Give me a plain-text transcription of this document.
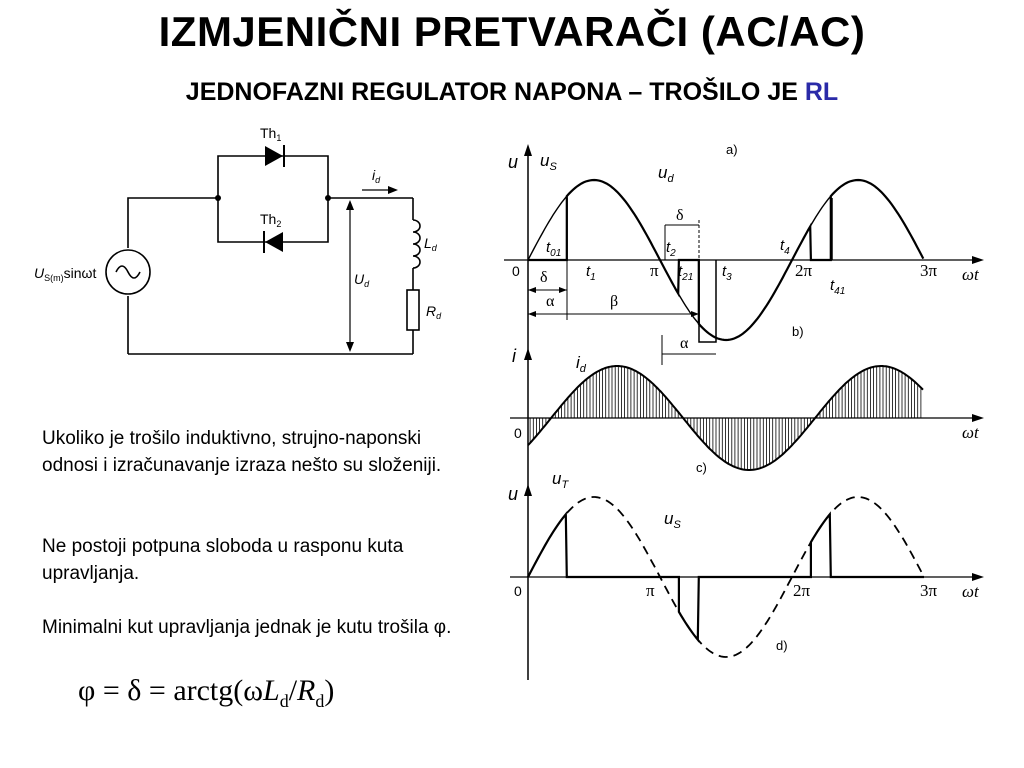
IZMJENIČNI PRETVARAČI (AC/AC)
JEDNOFAZNI REGULATOR NAPONA – TROŠILO JE RL
$Th_1$
$Th_2$
$U_{S(m)}\sin\omega t$
$i_d$
$L_d$
$R_d$
$U_d$
a)
b)
c)
d)
u
i
u
ωt
ωt
ωt
0
0
0
π	2π	3π
π	2π	3π
$u_S$	$u_d$
$i_d$
$u_T$
$u_S$
$t_{01}$
$t_1$
$t_2$
$t_{21}$ $t_3$
$t_4$
$t_{41}$
δ
α	β
δ
α
Ukoliko je trošilo induktivno, strujno-naponski odnosi i izračunavanje izraza nešto su složeniji.
Ne postoji potpuna sloboda u rasponu kuta upravljanja.
Minimalni kut upravljanja jednak je kutu trošila φ.
$\varphi = \delta = arctg(\omega L_d/R_d)$
